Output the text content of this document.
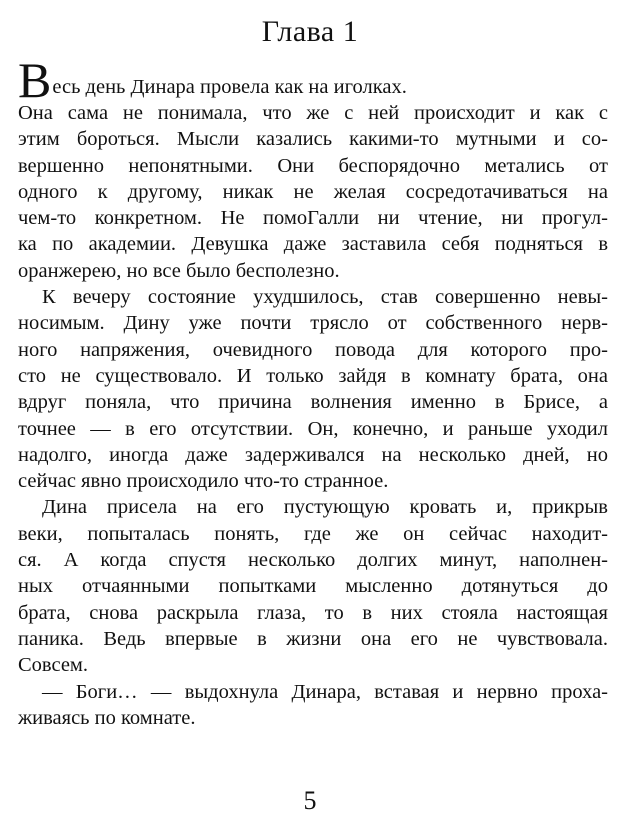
Глава 1
В есь день Динара провела как на иголках.
Она сама не понимала, что же с ней происходит и как с
этим бороться. Мысли казались какими-то мутными и со-
вершенно непонятными. Они беспорядочно метались от
одного к другому, никак не желая сосредотачиваться на
чем-то конкретном. Не помоГалли ни чтение, ни прогул-
ка по академии. Девушка даже заставила себя подняться в
оранжерею, но все было бесполезно.
К вечеру состояние ухудшилось, став совершенно невы-
носимым. Дину уже почти трясло от собственного нерв-
ного напряжения, очевидного повода для которого про-
сто не существовало. И только зайдя в комнату брата, она
вдруг поняла, что причина волнения именно в Брисе, а
точнее — в его отсутствии. Он, конечно, и раньше уходил
надолго, иногда даже задерживался на несколько дней, но
сейчас явно происходило что-то странное.
Дина присела на его пустующую кровать и, прикрыв
веки, попыталась понять, где же он сейчас находит-
ся. А когда спустя несколько долгих минут, наполнен-
ных отчаянными попытками мысленно дотянуться до
брата, снова раскрыла глаза, то в них стояла настоящая
паника. Ведь впервые в жизни она его не чувствовала.
Совсем.
— Боги… — выдохнула Динара, вставая и нервно проха-
живаясь по комнате.
5
